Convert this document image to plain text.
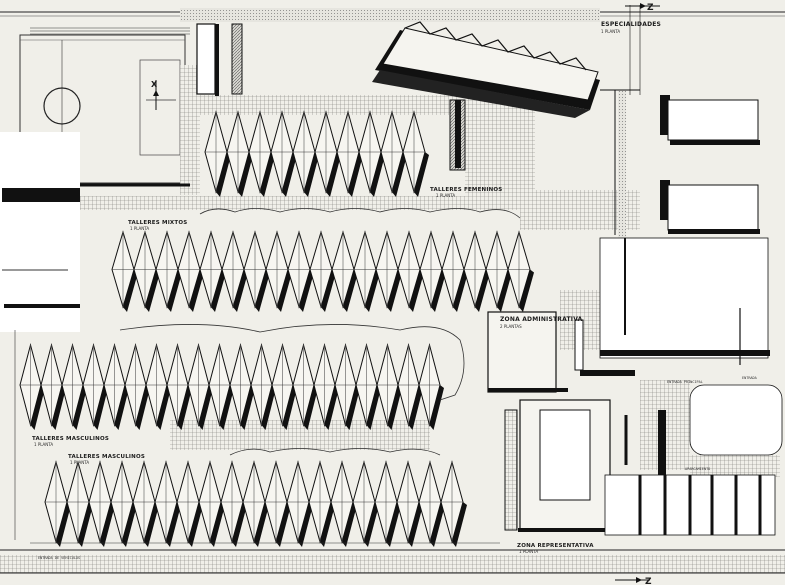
Z
Z
X
ESPECIALIDADES
1 PLANTA
TALLERES FEMENINOS
1 PLANTA
TALLERES MIXTOS
1 PLANTA
ZONA ADMINISTRATIVA
2 PLANTAS
TALLERES MASCULINOS
1 PLANTA
TALLERES MASCULINOS
1 PLANTA
ZONA REPRESENTATIVA
1 PLANTA
ENTRADA PRINCIPAL
ENTRADA
ENTRADA DE VEHICULOS
APARCAMIENTO
